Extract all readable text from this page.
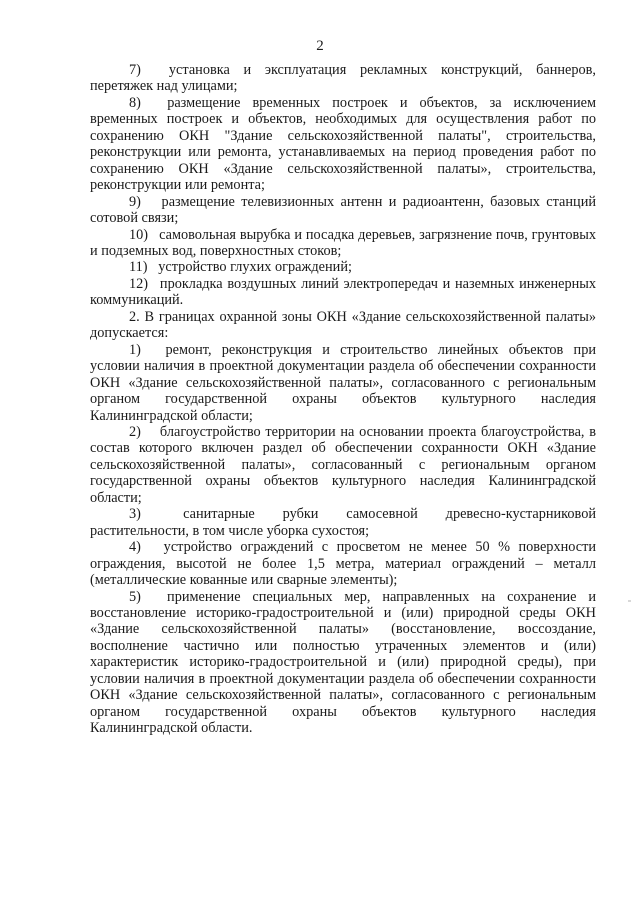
2

7)  установка и эксплуатация рекламных конструкций, баннеров, перетяжек над улицами;

8)  размещение временных построек и объектов, за исключением временных построек и объектов, необходимых для осуществления работ по сохранению ОКН "Здание сельскохозяйственной палаты", строительства, реконструкции или ремонта, устанавливаемых на период проведения работ по сохранению ОКН «Здание сельскохозяйственной палаты», строительства, реконструкции или ремонта;

9)  размещение телевизионных антенн и радиоантенн, базовых станций сотовой связи;

10)  самовольная вырубка и посадка деревьев, загрязнение почв, грунтовых и подземных вод, поверхностных стоков;

11)  устройство глухих ограждений;

12)  прокладка воздушных линий электропередач и наземных инженерных коммуникаций.

2. В границах охранной зоны ОКН «Здание сельскохозяйственной палаты» допускается:

1)  ремонт, реконструкция и строительство линейных объектов при условии наличия в проектной документации раздела об обеспечении сохранности ОКН «Здание сельскохозяйственной палаты», согласованного с региональным органом государственной охраны объектов культурного наследия Калининградской области;

2)  благоустройство территории на основании проекта благоустройства, в состав которого включен раздел об обеспечении сохранности ОКН «Здание сельскохозяйственной палаты», согласованный с региональным органом государственной охраны объектов культурного наследия Калининградской области;

3)  санитарные рубки самосевной древесно-кустарниковой растительности, в том числе уборка сухостоя;

4)  устройство ограждений с просветом не менее 50 % поверхности ограждения, высотой не более 1,5 метра, материал ограждений – металл (металлические кованные или сварные элементы);

5)  применение специальных мер, направленных на сохранение и восстановление историко-градостроительной и (или) природной среды ОКН «Здание сельскохозяйственной палаты» (восстановление, воссоздание, восполнение частично или полностью утраченных элементов и (или) характеристик историко-градостроительной и (или) природной среды), при условии наличия в проектной документации раздела об обеспечении сохранности ОКН «Здание сельскохозяйственной палаты», согласованного с региональным органом государственной охраны объектов культурного наследия Калининградской области.
